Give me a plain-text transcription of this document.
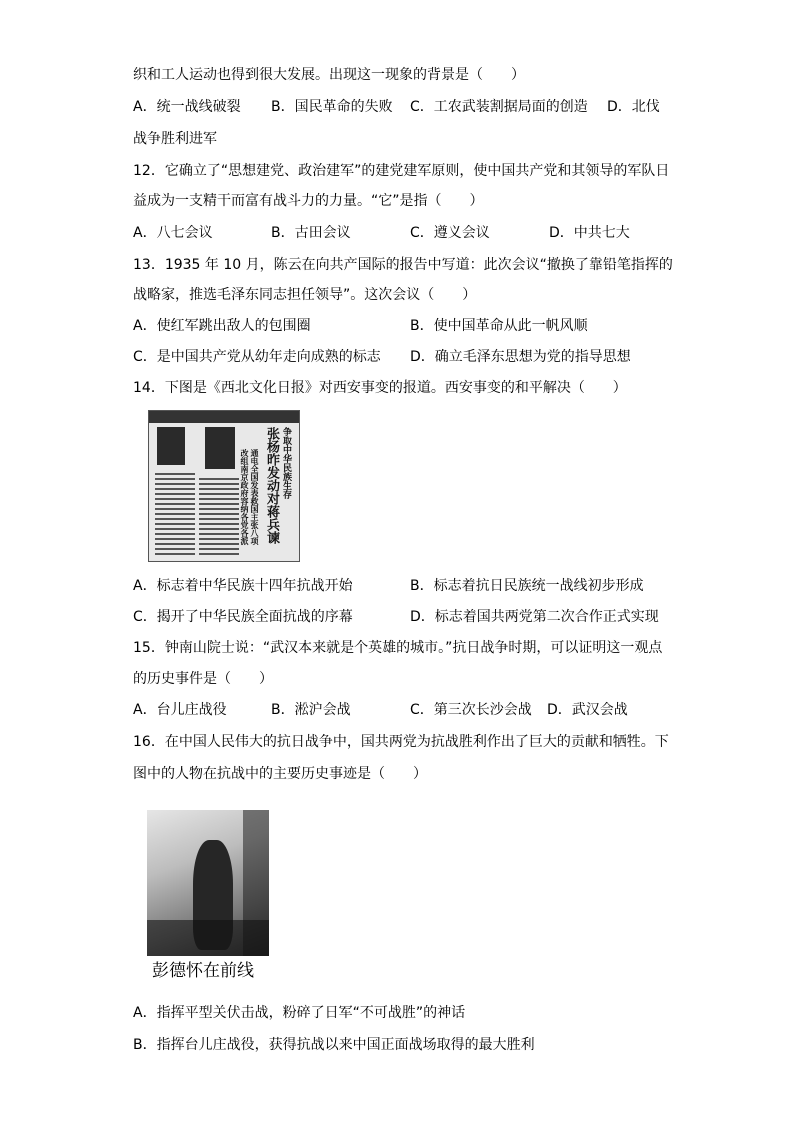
织和工人运动也得到很大发展。出现这一现象的背景是（　　）
A．统一战线破裂 B．国民革命的失败 C．工农武装割据局面的创造 D．北伐
战争胜利进军
12．它确立了“思想建党、政治建军”的建党建军原则，使中国共产党和其领导的军队日
益成为一支精干而富有战斗力的力量。“它”是指（　　）
A．八七会议	B．古田会议	C．遵义会议	D．中共七大
13．1935 年 10 月，陈云在向共产国际的报告中写道：此次会议“撤换了靠铅笔指挥的
战略家，推选毛泽东同志担任领导”。这次会议（　　）
A．使红军跳出敌人的包围圈	B．使中国革命从此一帆风顺
C．是中国共产党从幼年走向成熟的标志 D．确立毛泽东思想为党的指导思想
14．下图是《西北文化日报》对西安事变的报道。西安事变的和平解决（　　）
争取中华民族生存
张杨昨发动对蒋兵谏
通电全国发表救国主张八项
改组南京政府容纳各党各派
A．标志着中华民族十四年抗战开始	B．标志着抗日民族统一战线初步形成
C．揭开了中华民族全面抗战的序幕	D．标志着国共两党第二次合作正式实现
15．钟南山院士说：“武汉本来就是个英雄的城市。”抗日战争时期，可以证明这一观点
的历史事件是（　　）
A．台儿庄战役	B．淞沪会战	C．第三次长沙会战 D．武汉会战
16．在中国人民伟大的抗日战争中，国共两党为抗战胜利作出了巨大的贡献和牺牲。下
图中的人物在抗战中的主要历史事迹是（　　）
彭德怀在前线
A．指挥平型关伏击战，粉碎了日军“不可战胜”的神话
B．指挥台儿庄战役，获得抗战以来中国正面战场取得的最大胜利
